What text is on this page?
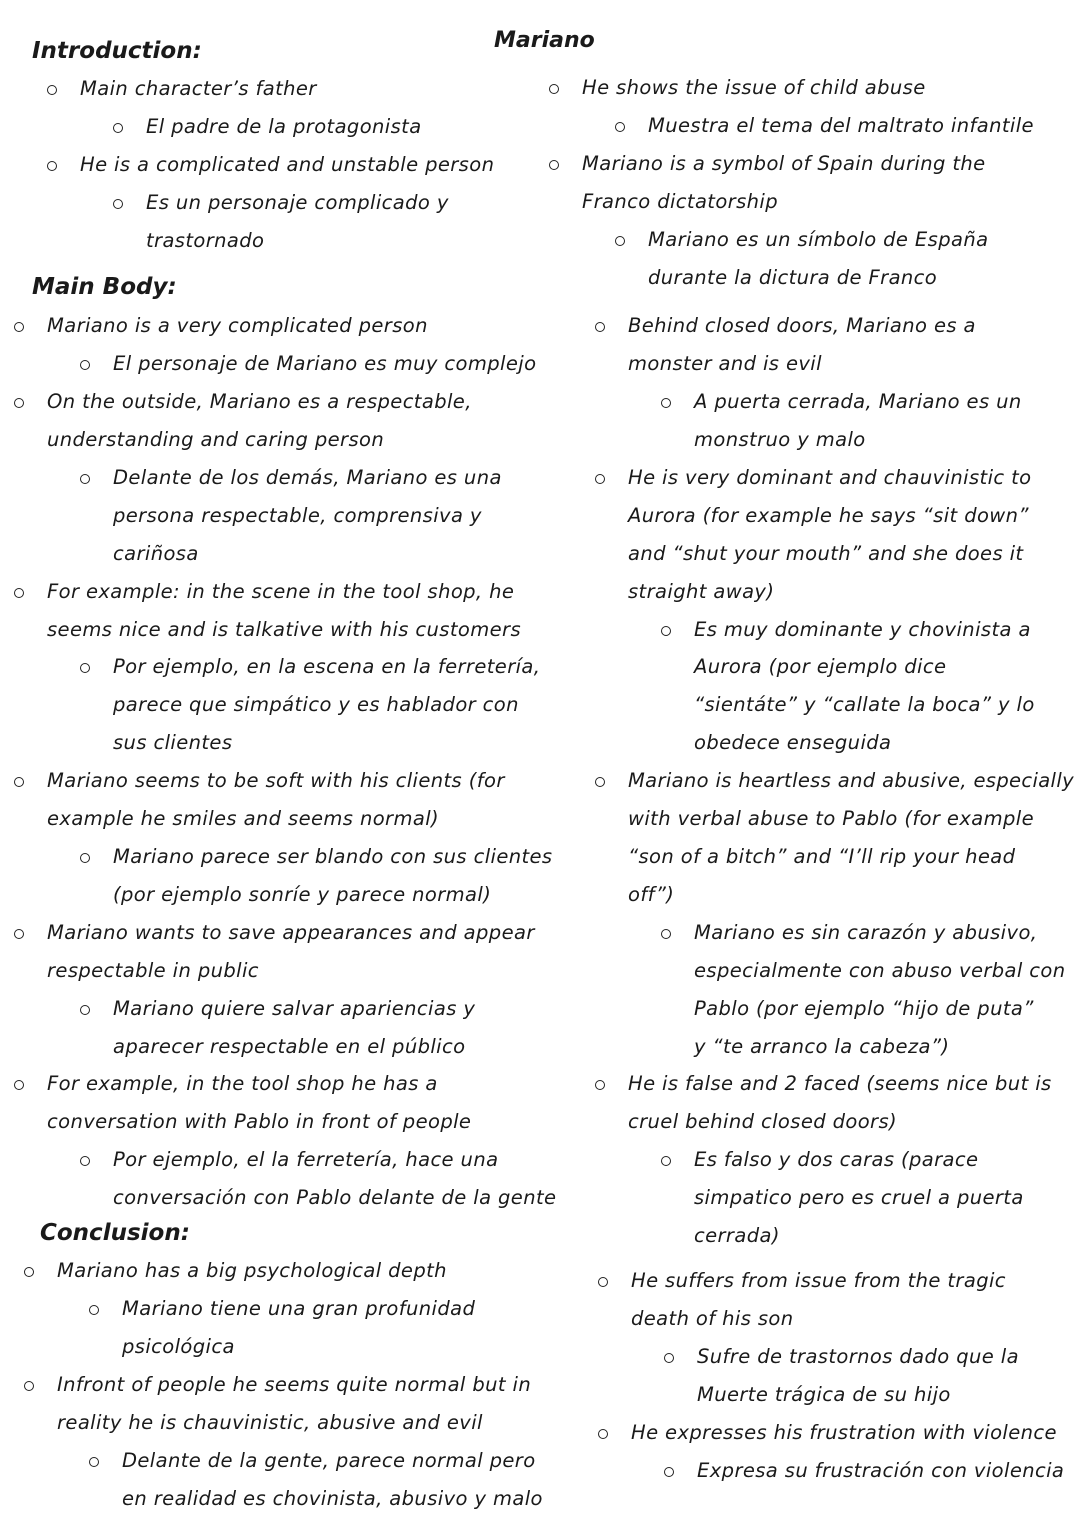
Mariano
Introduction:
Main character’s father
El padre de la protagonista
He is a complicated and unstable person
Es un personaje complicado y
trastornado
Main Body:
Mariano is a very complicated person
El personaje de Mariano es muy complejo
On the outside, Mariano es a respectable,
understanding and caring person
Delante de los demás, Mariano es una
persona respectable, comprensiva y
cariñosa
For example: in the scene in the tool shop, he
seems nice and is talkative with his customers
Por ejemplo, en la escena en la ferretería,
parece que simpático y es hablador con
sus clientes
Mariano seems to be soft with his clients (for
example he smiles and seems normal)
Mariano parece ser blando con sus clientes
(por ejemplo sonríe y parece normal)
Mariano wants to save appearances and appear
respectable in public
Mariano quiere salvar apariencias y
aparecer respectable en el público
For example, in the tool shop he has a
conversation with Pablo in front of people
Por ejemplo, el la ferretería, hace una
conversación con Pablo delante de la gente
Conclusion:
Mariano has a big psychological depth
Mariano tiene una gran profunidad
psicológica
Infront of people he seems quite normal but in
reality he is chauvinistic, abusive and evil
Delante de la gente, parece normal pero
en realidad es chovinista, abusivo y malo
He shows the issue of child abuse
Muestra el tema del maltrato infantile
Mariano is a symbol of Spain during the
Franco dictatorship
Mariano es un símbolo de España
durante la dictura de Franco
Behind closed doors, Mariano es a
monster and is evil
A puerta cerrada, Mariano es un
monstruo y malo
He is very dominant and chauvinistic to
Aurora (for example he says “sit down”
and “shut your mouth” and she does it
straight away)
Es muy dominante y chovinista a
Aurora (por ejemplo dice
“sientáte” y “callate la boca” y lo
obedece enseguida
Mariano is heartless and abusive, especially
with verbal abuse to Pablo (for example
“son of a bitch” and “I’ll rip your head
off”)
Mariano es sin carazón y abusivo,
especialmente con abuso verbal con
Pablo (por ejemplo “hijo de puta”
y “te arranco la cabeza”)
He is false and 2 faced (seems nice but is
cruel behind closed doors)
Es falso y dos caras (parace
simpatico pero es cruel a puerta
cerrada)
He suffers from issue from the tragic
death of his son
Sufre de trastornos dado que la
Muerte trágica de su hijo
He expresses his frustration with violence
Expresa su frustración con violencia
